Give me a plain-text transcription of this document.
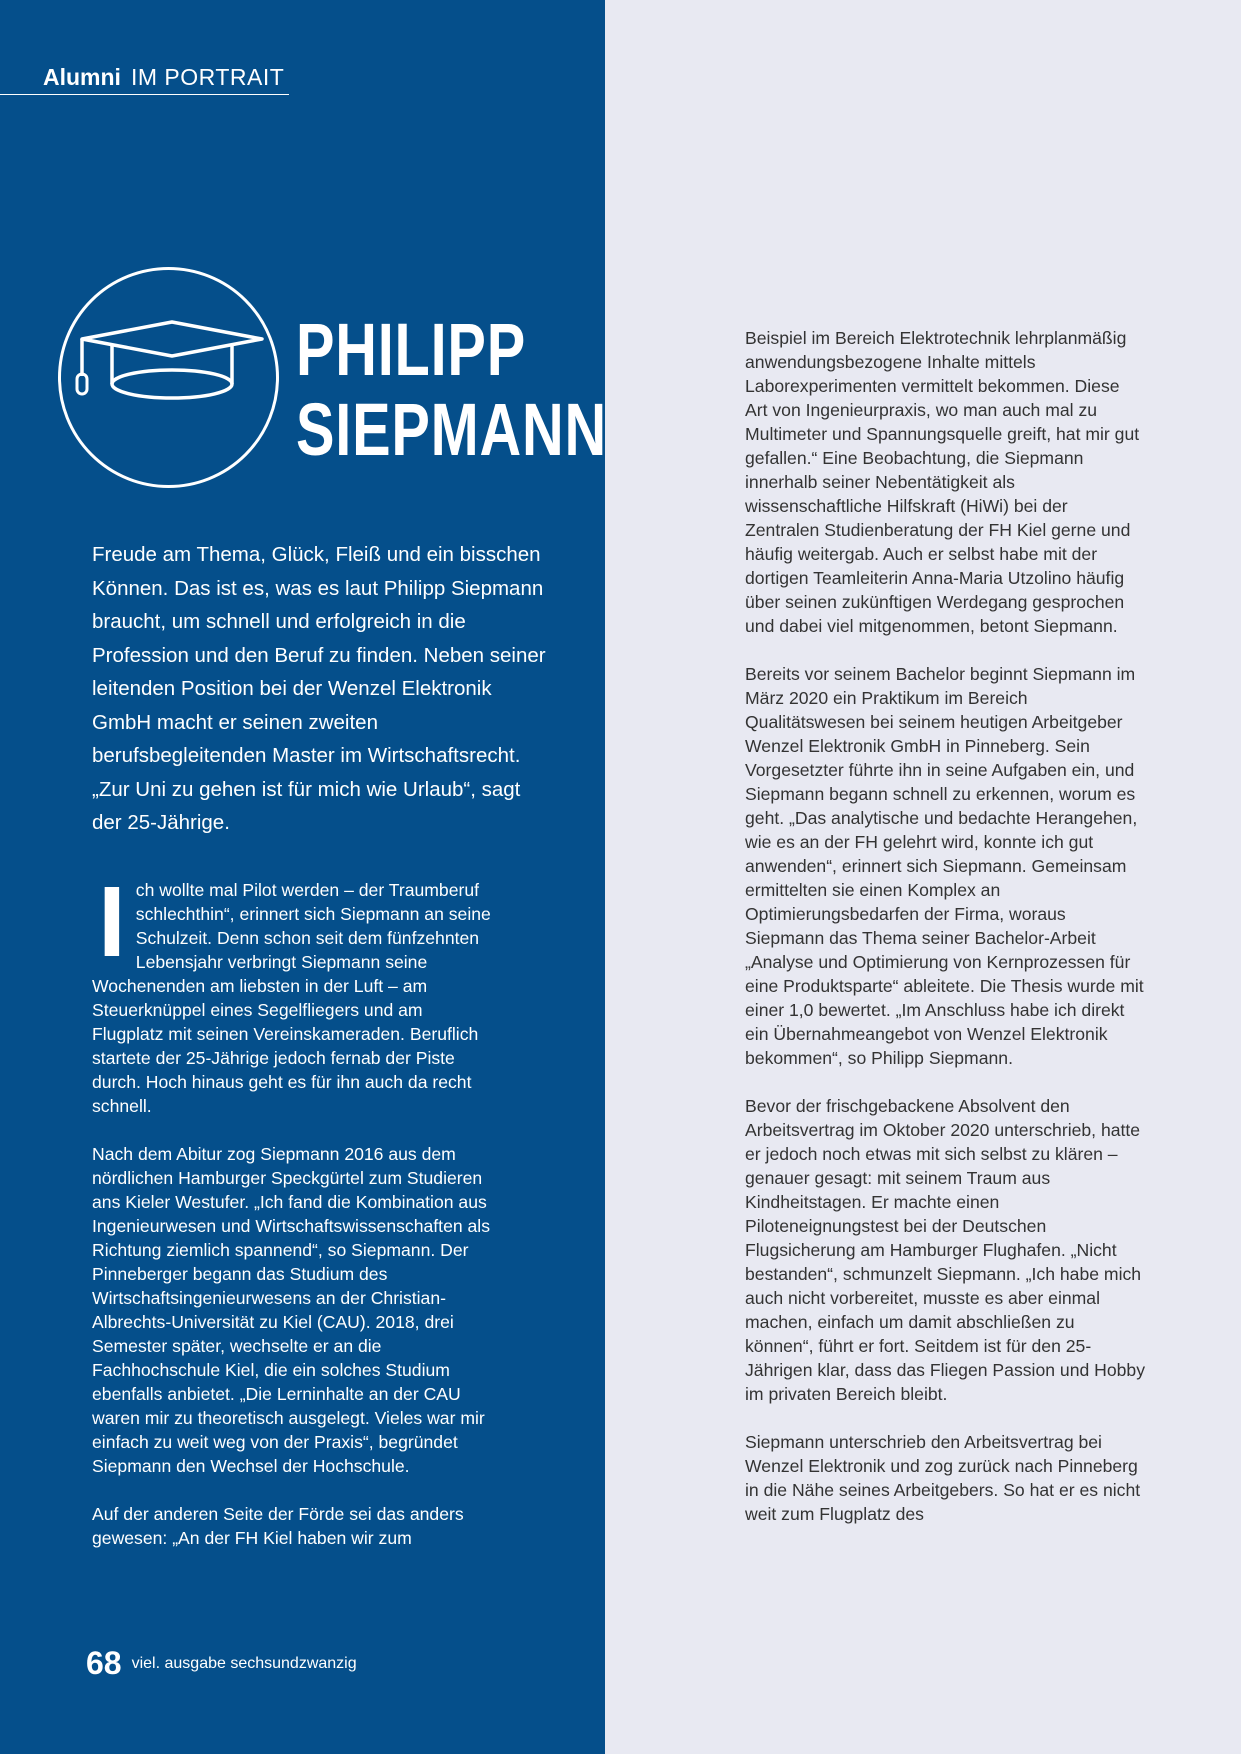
Alumni IM PORTRAIT
PHILIPP
SIEPMANN
Freude am Thema, Glück, Fleiß und ein bisschen Können. Das ist es, was es laut Philipp Siepmann braucht, um schnell und erfolgreich in die Profession und den Beruf zu finden. Neben seiner leitenden Position bei der Wenzel Elektronik GmbH macht er seinen zweiten berufsbegleitenden Master im Wirtschaftsrecht. „Zur Uni zu gehen ist für mich wie Urlaub“, sagt der 25-Jährige.

Ich wollte mal Pilot werden – der Traumberuf schlechthin“, erinnert sich Siepmann an seine Schulzeit. Denn schon seit dem fünfzehnten Lebensjahr verbringt Siepmann seine Wochenenden am liebsten in der Luft – am Steuerknüppel eines Segelfliegers und am Flugplatz mit seinen Vereinskameraden. Beruflich startete der 25-Jährige jedoch fernab der Piste durch. Hoch hinaus geht es für ihn auch da recht schnell.

Nach dem Abitur zog Siepmann 2016 aus dem nördlichen Hamburger Speckgürtel zum Studieren ans Kieler Westufer. „Ich fand die Kombination aus Ingenieurwesen und Wirtschaftswissenschaften als Richtung ziemlich spannend“, so Siepmann. Der Pinneberger begann das Studium des Wirtschaftsingenieurwesens an der Christian-Albrechts-Universität zu Kiel (CAU). 2018, drei Semester später, wechselte er an die Fachhochschule Kiel, die ein solches Studium ebenfalls anbietet. „Die Lerninhalte an der CAU waren mir zu theoretisch ausgelegt. Vieles war mir einfach zu weit weg von der Praxis“, begründet Siepmann den Wechsel der Hochschule.

Auf der anderen Seite der Förde sei das anders gewesen: „An der FH Kiel haben wir zum

Beispiel im Bereich Elektrotechnik lehrplanmäßig anwendungsbezogene Inhalte mittels Laborexperimenten vermittelt bekommen. Diese Art von Ingenieurpraxis, wo man auch mal zu Multimeter und Spannungsquelle greift, hat mir gut gefallen.“ Eine Beobachtung, die Siepmann innerhalb seiner Nebentätigkeit als wissenschaftliche Hilfskraft (HiWi) bei der Zentralen Studienberatung der FH Kiel gerne und häufig weitergab. Auch er selbst habe mit der dortigen Teamleiterin Anna-Maria Utzolino häufig über seinen zukünftigen Werdegang gesprochen und dabei viel mitgenommen, betont Siepmann.

Bereits vor seinem Bachelor beginnt Siepmann im März 2020 ein Praktikum im Bereich Qualitätswesen bei seinem heutigen Arbeitgeber Wenzel Elektronik GmbH in Pinneberg. Sein Vorgesetzter führte ihn in seine Aufgaben ein, und Siepmann begann schnell zu erkennen, worum es geht. „Das analytische und bedachte Herangehen, wie es an der FH gelehrt wird, konnte ich gut anwenden“, erinnert sich Siepmann. Gemeinsam ermittelten sie einen Komplex an Optimierungsbedarfen der Firma, woraus Siepmann das Thema seiner Bachelor-Arbeit „Analyse und Optimierung von Kernprozessen für eine Produktsparte“ ableitete. Die Thesis wurde mit einer 1,0 bewertet. „Im Anschluss habe ich direkt ein Übernahmeangebot von Wenzel Elektronik bekommen“, so Philipp Siepmann.

Bevor der frischgebackene Absolvent den Arbeitsvertrag im Oktober 2020 unterschrieb, hatte er jedoch noch etwas mit sich selbst zu klären – genauer gesagt: mit seinem Traum aus Kindheitstagen. Er machte einen Piloteneignungstest bei der Deutschen Flugsicherung am Hamburger Flughafen. „Nicht bestanden“, schmunzelt Siepmann. „Ich habe mich auch nicht vorbereitet, musste es aber einmal machen, einfach um damit abschließen zu können“, führt er fort. Seitdem ist für den 25-Jährigen klar, dass das Fliegen Passion und Hobby im privaten Bereich bleibt.

Siepmann unterschrieb den Arbeitsvertrag bei Wenzel Elektronik und zog zurück nach Pinneberg in die Nähe seines Arbeitgebers. So hat er es nicht weit zum Flugplatz des

68 viel. ausgabe sechsundzwanzig
